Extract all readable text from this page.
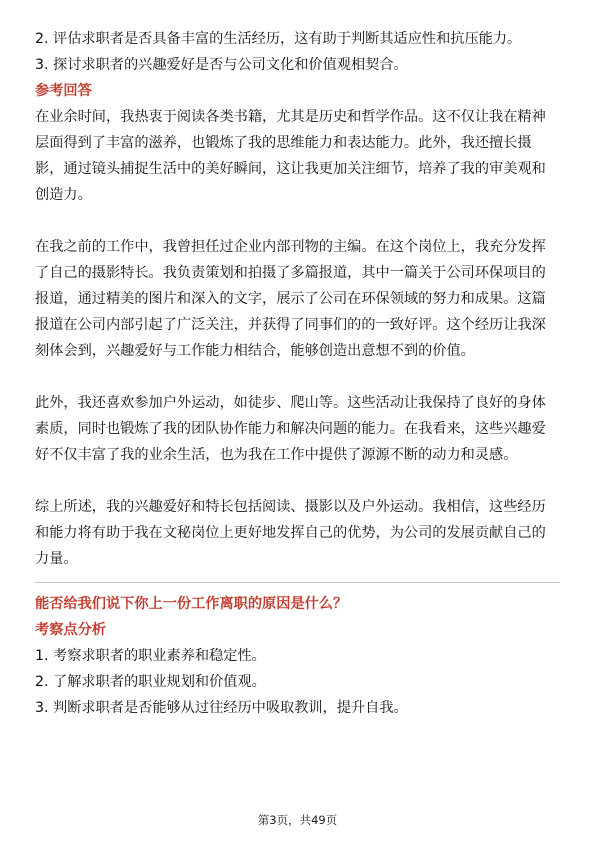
2. 评估求职者是否具备丰富的生活经历，这有助于判断其适应性和抗压能力。
3. 探讨求职者的兴趣爱好是否与公司文化和价值观相契合。
参考回答
在业余时间，我热衷于阅读各类书籍，尤其是历史和哲学作品。这不仅让我在精神
层面得到了丰富的滋养，也锻炼了我的思维能力和表达能力。此外，我还擅长摄
影，通过镜头捕捉生活中的美好瞬间，这让我更加关注细节，培养了我的审美观和
创造力。
在我之前的工作中，我曾担任过企业内部刊物的主编。在这个岗位上，我充分发挥
了自己的摄影特长。我负责策划和拍摄了多篇报道，其中一篇关于公司环保项目的
报道，通过精美的图片和深入的文字，展示了公司在环保领域的努力和成果。这篇
报道在公司内部引起了广泛关注，并获得了同事们的的一致好评。这个经历让我深
刻体会到，兴趣爱好与工作能力相结合，能够创造出意想不到的价值。
此外，我还喜欢参加户外运动，如徒步、爬山等。这些活动让我保持了良好的身体
素质，同时也锻炼了我的团队协作能力和解决问题的能力。在我看来，这些兴趣爱
好不仅丰富了我的业余生活，也为我在工作中提供了源源不断的动力和灵感。
综上所述，我的兴趣爱好和特长包括阅读、摄影以及户外运动。我相信，这些经历
和能力将有助于我在文秘岗位上更好地发挥自己的优势，为公司的发展贡献自己的
力量。
能否给我们说下你上一份工作离职的原因是什么？
考察点分析
1. 考察求职者的职业素养和稳定性。
2. 了解求职者的职业规划和价值观。
3. 判断求职者是否能够从过往经历中吸取教训，提升自我。
第3页，共49页
